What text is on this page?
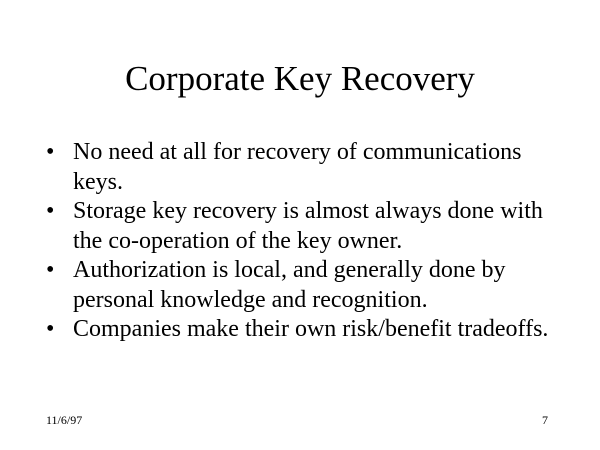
Corporate Key Recovery
• No need at all for recovery of communications keys.
• Storage key recovery is almost always done with the co-operation of the key owner.
• Authorization is local, and generally done by personal knowledge and recognition.
• Companies make their own risk/benefit tradeoffs.
11/6/97	7
